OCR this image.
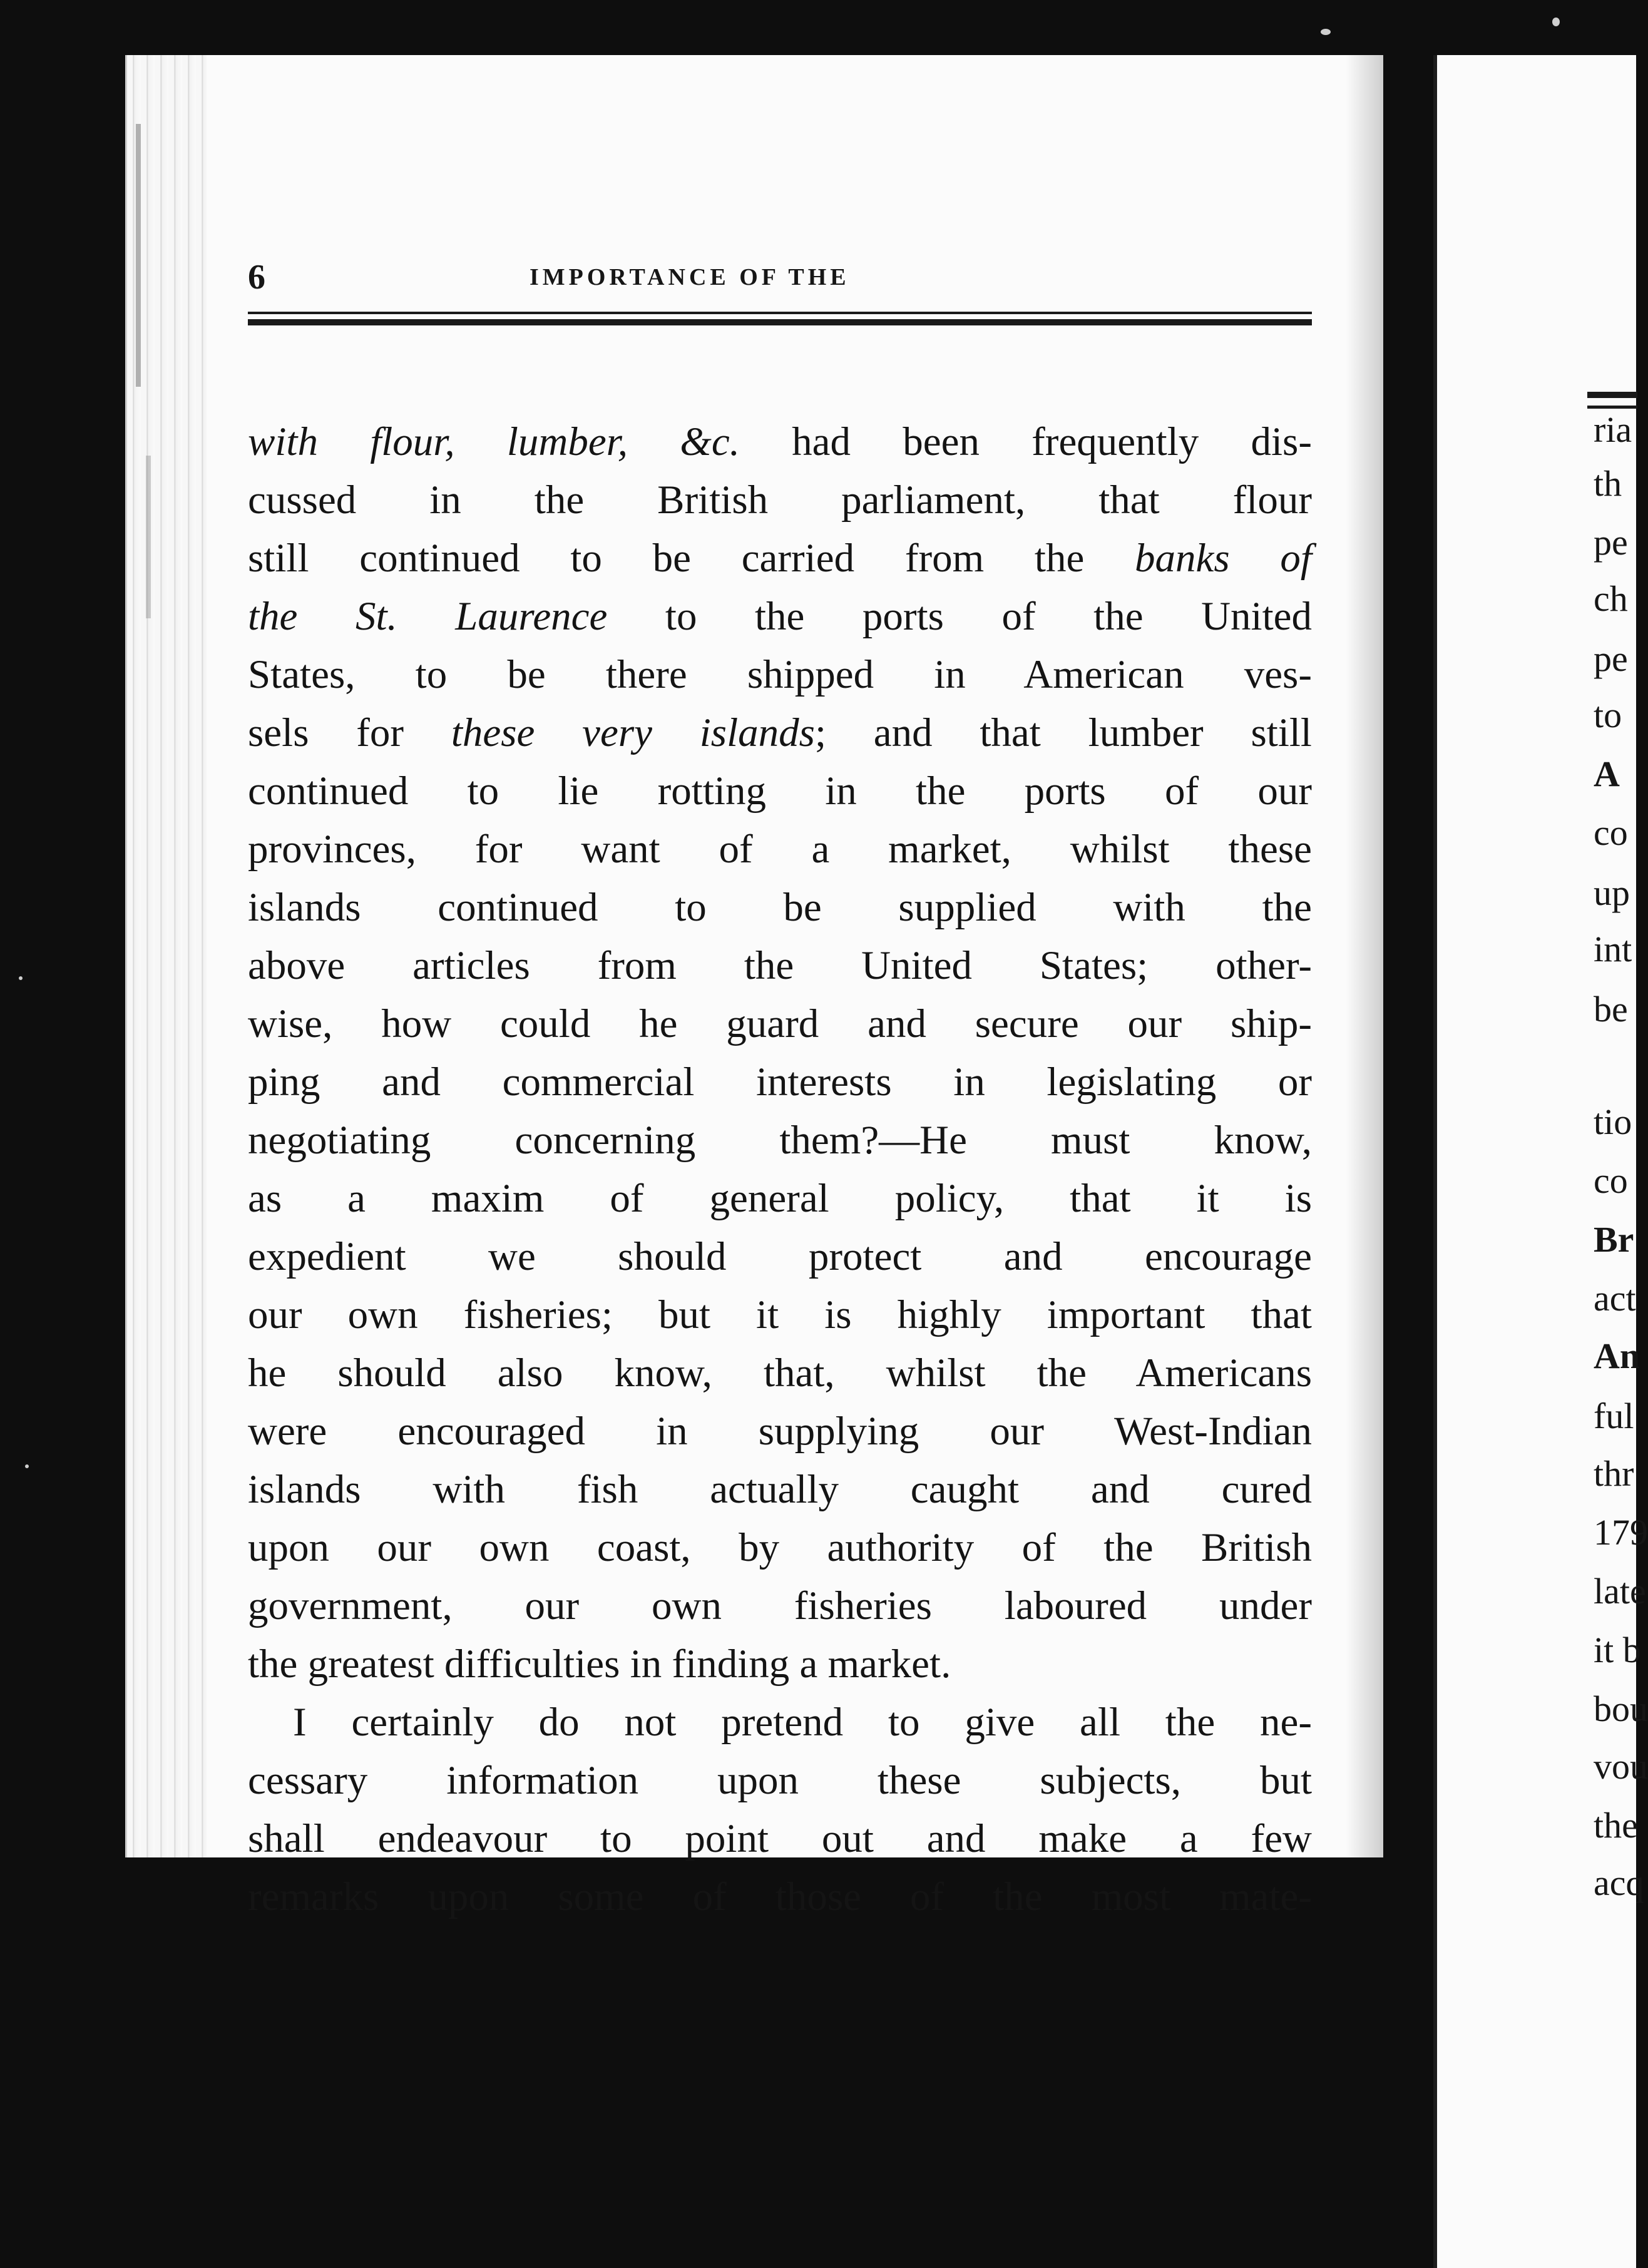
6	IMPORTANCE OF THE
with flour, lumber, &c. had been frequently dis-
cussed in the British parliament, that flour
still continued to be carried from the banks of
the St. Laurence to the ports of the United
States, to be there shipped in American ves-
sels for these very islands; and that lumber still
continued to lie rotting in the ports of our
provinces, for want of a market, whilst these
islands continued to be supplied with the
above articles from the United States; other-
wise, how could he guard and secure our ship-
ping and commercial interests in legislating or
negotiating concerning them?—He must know,
as a maxim of general policy, that it is
expedient we should protect and encourage
our own fisheries; but it is highly important that
he should also know, that, whilst the Americans
were encouraged in supplying our West-Indian
islands with fish actually caught and cured
upon our own coast, by authority of the British
government, our own fisheries laboured under
the greatest difficulties in finding a market.
I certainly do not pretend to give all the ne-
cessary information upon these subjects, but
shall endeavour to point out and make a few
remarks upon some of those of the most mate-
ria
th
pe
ch
pe
to
A
co
up
int
be
tio
co
Br
act
An
ful
thr
179
late
it b
bou
vou
the
acq
